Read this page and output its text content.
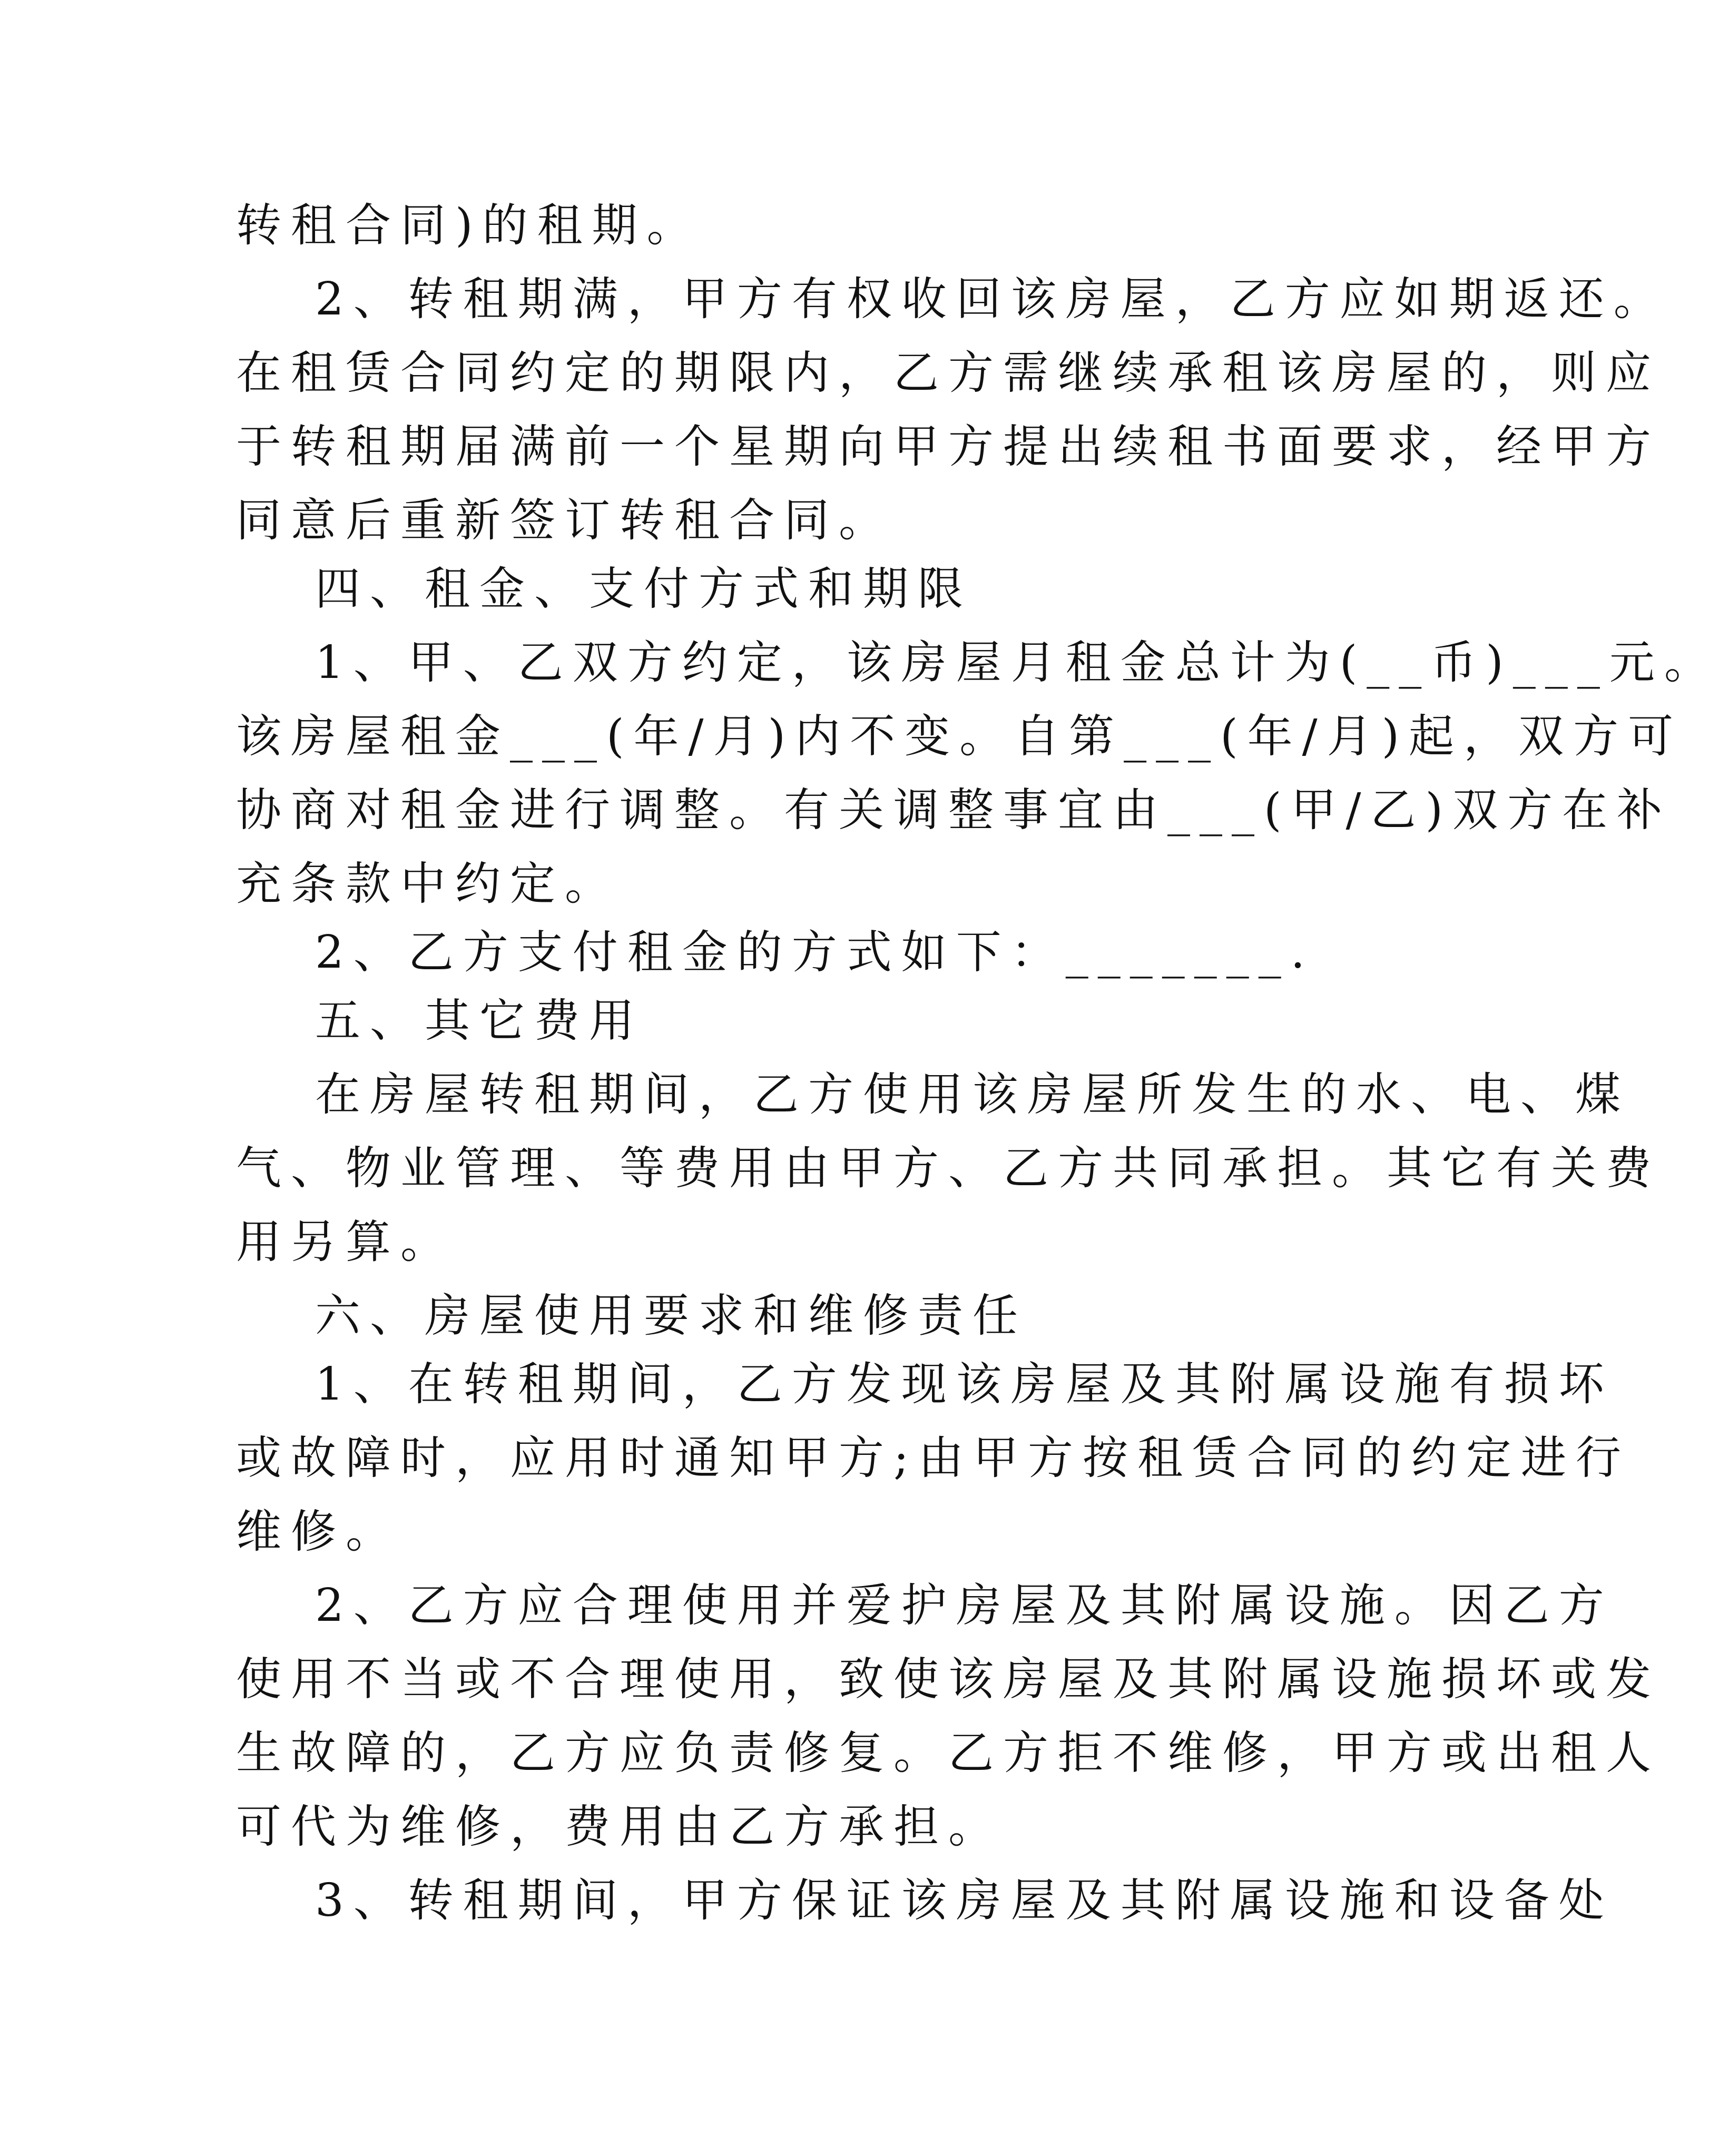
转租合同)的租期。
2、转租期满，甲方有权收回该房屋，乙方应如期返还。
在租赁合同约定的期限内，乙方需继续承租该房屋的，则应
于转租期届满前一个星期向甲方提出续租书面要求，经甲方
同意后重新签订转租合同。
四、租金、支付方式和期限
1、甲、乙双方约定，该房屋月租金总计为(__币)___元。
该房屋租金___(年/月)内不变。自第___(年/月)起，双方可
协商对租金进行调整。有关调整事宜由___(甲/乙)双方在补
充条款中约定。
2、乙方支付租金的方式如下：_______.
五、其它费用
在房屋转租期间，乙方使用该房屋所发生的水、电、煤
气、物业管理、等费用由甲方、乙方共同承担。其它有关费
用另算。
六、房屋使用要求和维修责任
1、在转租期间，乙方发现该房屋及其附属设施有损坏
或故障时，应用时通知甲方;由甲方按租赁合同的约定进行
维修。
2、乙方应合理使用并爱护房屋及其附属设施。因乙方
使用不当或不合理使用，致使该房屋及其附属设施损坏或发
生故障的，乙方应负责修复。乙方拒不维修，甲方或出租人
可代为维修，费用由乙方承担。
3、转租期间，甲方保证该房屋及其附属设施和设备处
